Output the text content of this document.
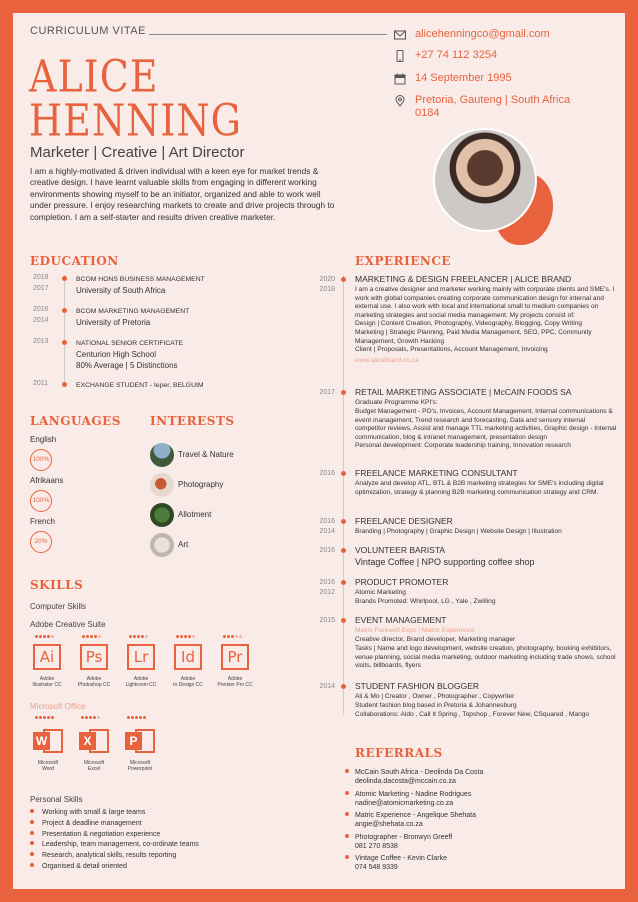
CURRICULUM VITAE
ALICE
HENNING
Marketer | Creative | Art Director
I am a highly-motivated & driven individual with a keen eye for market trends & creative design. I have learnt valuable skills from engaging in different working environments showing myself to be an initiator, organized and able to work well under pressure. I enjoy researching markets to create and drive projects through to completion. I am a self-starter and results driven creative marketer.
alicehenningco@gmail.com
+27 74 112 3254
14 September 1995
Pretoria, Gauteng | South Africa
0184
EDUCATION
2018
2017
BCOM HONS BUSINESS MANAGEMENT
University of South Africa
2016
2014
BCOM MARKETING MANAGEMENT
University of Pretoria
2013	NATIONAL SENIOR CERTIFICATE
Centurion High School
80% Average | 5 Distinctions
2011	EXCHANGE STUDENT - Ieper, BELGUIM
LANGUAGES
English
100%
Afrikaans
100%
French
20%
INTERESTS
Travel & Nature
Photography
Allotment
Art
SKILLS
Computer Skills
Adobe Creative Suite
Ai
Adobe
Illustrator CC
Ps
Adobe
Photoshop CC
Lr
Adobe
Lightroom CC
Id
Adobe
In Design CC
Pr
Adobe
Premier Pro CC
Microsoft Office
W
Microsoft
Word
X
Microsoft
Excel
P
Microsoft
Powerpoint
Personal Skills
Working with small & large teams
Project & deadline management
Presentation & negotiation experience
Leadership, team management, co-ordinate teams
Research, analytical skills, results reporting
Organised & detail oriented
EXPERIENCE
2020
2018
MARKETING & DESIGN FREELANCER | ALICE BRAND
I am a creative designer and marketer working mainly with corporate clients and SME's. I work with global companies creating corporate communication design for internal and external use. I also work with local and international small to medium companies on marketing strategies and social media management. My projects consist of:
Design | Content Creation, Photography, Videography, Blogging, Copy Writing
Marketing | Strategic Planning, Paid Media Management, SEO, PPC, Community Management, Growth Hacking
Client | Proposals, Presentations, Account Management, Invoicing
www.alicebrand.co.za
2017 RETAIL MARKETING ASSOCIATE | McCAIN FOODS SA
Graduate Programme KPI's:
Budget Management - PO's, Invoices, Account Management, Internal communications & event management, Trend research and forecasting, Data and sensory internal competitor reviews, Assist and manage TTL marketing activities, Graphic design - Internal communication, blog & intranet management, presentation design
Personal development: Corporate leadership training, Innovation research
2016 FREELANCE MARKETING CONSULTANT
Analyze and develop ATL, BTL & B2B marketing strategies for SME's including digital optimization, strategy & planning B2B marketing communication strategy and CRM.
2016
2014
FREELANCE DESIGNER
Branding | Photography | Graphic Design | Website Design | Illustration
2016 VOLUNTEER BARISTA
Vintage Coffee | NPO supporting coffee shop
2016
2012
PRODUCT PROMOTER
Atomic Marketing
Brands Promoted: Whirlpool, LG , Yale , Zwilling
2015 EVENT MANAGEMENT
Matric Farewell Expo | Matric Experience
Creative director, Brand developer, Marketing manager
Tasks | Name and logo development, website creation, photography, booking exhibitors, venue planning, social media marketing, outdoor marketing including trade shows, school visits, billboards, flyers
2014 STUDENT FASHION BLOGGER
Ali & Mo | Creator , Owner , Photographer , Copywriter
Student fashion blog based in Pretoria & Johannesburg
Collaborations: Aldo , Call It Spring , Topshop , Forever New, CSquared , Mango
REFERRALS
McCain South Africa - Deolinda Da Costa

deolinda.dacosta@mccain.co.za
Atomic Marketing - Nadine Rodrigues

nadine@atomicmarketing.co.za
Matric Experience - Angelique Shehata

angie@shehata.co.za
Photographer - Bronwyn Greeff

081 270 8538
Vintage Coffee - Kevin Clarke

074 548 9339
